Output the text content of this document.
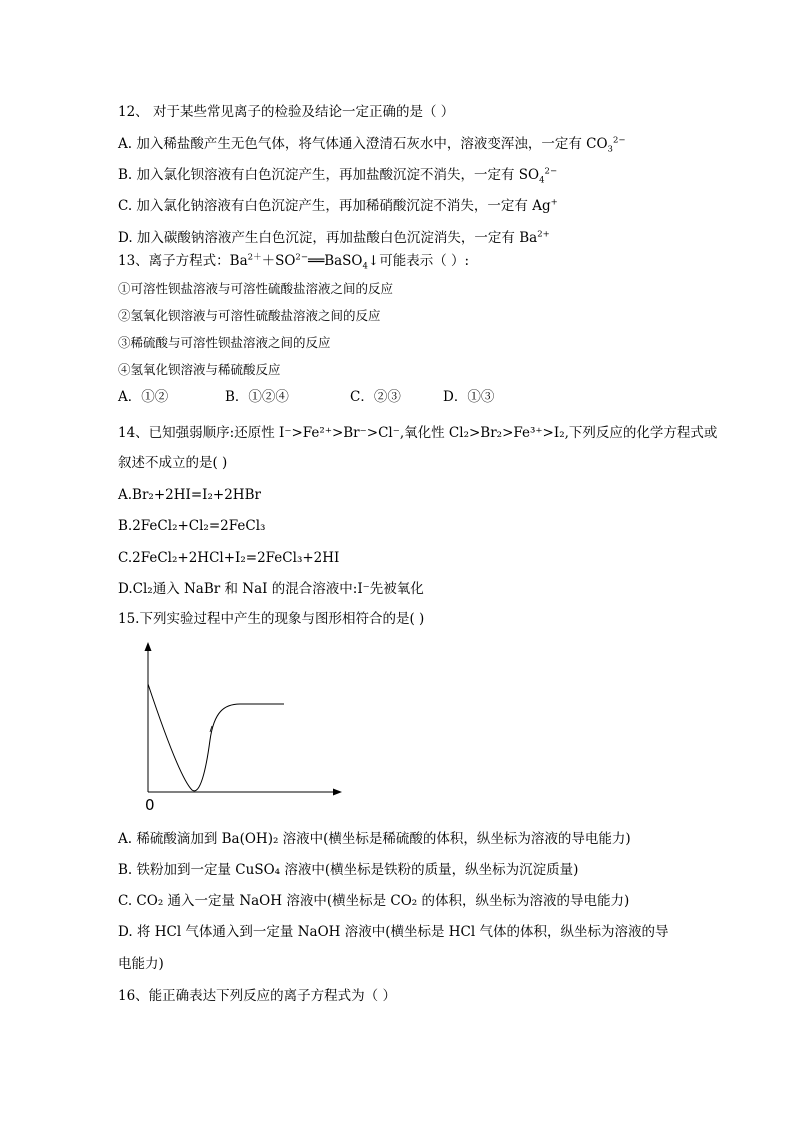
12、 对于某些常见离子的检验及结论一定正确的是（ ）
A. 加入稀盐酸产生无色气体，将气体通入澄清石灰水中，溶液变浑浊，一定有 $CO_3^{2-}$
B. 加入氯化钡溶液有白色沉淀产生，再加盐酸沉淀不消失，一定有 $SO_4^{2-}$
C. 加入氯化钠溶液有白色沉淀产生，再加稀硝酸沉淀不消失，一定有 Ag+
D. 加入碳酸钠溶液产生白色沉淀，再加盐酸白色沉淀消失，一定有 $Ba^{2+}$
13、离子方程式：$Ba^{2+}+SO^{2-}══BaSO_4↓$可能表示（ ）:
①可溶性钡盐溶液与可溶性硫酸盐溶液之间的反应
②氢氧化钡溶液与可溶性硫酸盐溶液之间的反应
③稀硫酸与可溶性钡盐溶液之间的反应
④氢氧化钡溶液与稀硫酸反应
A．①②	B．①②④	C．②③	D．①③
14、已知强弱顺序:还原性 I⁻>Fe²⁺>Br⁻>Cl⁻,氧化性 Cl₂>Br₂>Fe³⁺>I₂,下列反应的化学方程式或
叙述不成立的是( )
A.Br₂+2HI=I₂+2HBr
B.2FeCl₂+Cl₂=2FeCl₃
C.2FeCl₂+2HCl+I₂=2FeCl₃+2HI
D.Cl₂通入 NaBr 和 NaI 的混合溶液中:I⁻先被氧化
15.下列实验过程中产生的现象与图形相符合的是( )
0
A. 稀硫酸滴加到 Ba(OH)₂ 溶液中(横坐标是稀硫酸的体积，纵坐标为溶液的导电能力)
B. 铁粉加到一定量 CuSO₄ 溶液中(横坐标是铁粉的质量，纵坐标为沉淀质量)
C. CO₂ 通入一定量 NaOH 溶液中(横坐标是 CO₂ 的体积，纵坐标为溶液的导电能力)
D. 将 HCl 气体通入到一定量 NaOH 溶液中(横坐标是 HCl 气体的体积，纵坐标为溶液的导
电能力)
16、能正确表达下列反应的离子方程式为（ ）
